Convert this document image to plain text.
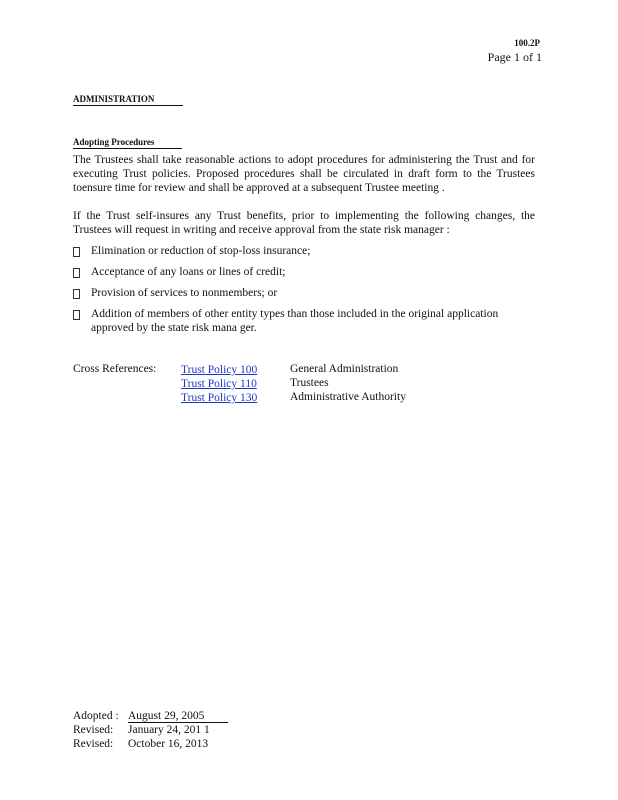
100.2P
Page 1 of 1
ADMINISTRATION
Adopting Procedures
The Trustees shall take reasonable actions to adopt procedures for administering the Trust and for executing Trust policies. Proposed procedures shall be circulated in draft form to the Trustees toensure time for review and shall be approved at a subsequent Trustee meeting .
If the Trust self-insures any Trust benefits, prior to implementing the following changes, the Trustees will request in writing and receive approval from the state risk manager :
Elimination or reduction of stop-loss insurance;
Acceptance of any loans or lines of credit;
Provision of services to nonmembers; or
Addition of members of other entity types than those included in the original application approved by the state risk mana ger.
Cross References: Trust Policy 100	General Administration
Trust Policy 110	Trustees
Trust Policy 130	Administrative Authority
Adopted : August 29, 2005
Revised: January 24, 201 1
Revised: October 16, 2013
